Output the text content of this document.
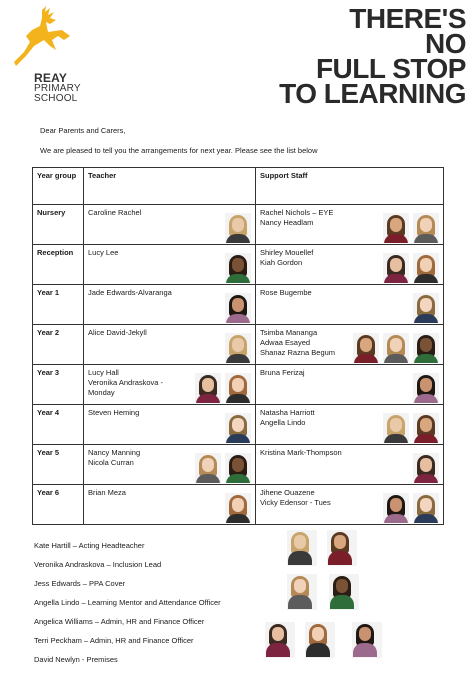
REAY
PRIMARY
SCHOOL
THERE'S
NO
FULL STOP
TO LEARNING
Dear Parents and Carers,
We are pleased to tell you the arrangements for next year. Please see the list below
Year group	Teacher	Support Staff
Nursery	Caroline Rachel	Rachel Nichols – EYE
Nancy Headlam

Reception	Lucy Lee	Shirley Mouellef
Kiah Gordon

Year 1	Jade Edwards-Alvaranga	Rose Bugembe

Year 2	Alice David-Jekyll	Tsimba Mananga
Adwaa Esayed
Shanaz Razna Begum

Year 3	Lucy Hall
Veronika Andraskova -
Monday	Bruna Ferizaj

Year 4	Steven Heming	Natasha Harriott
Angella Lindo

Year 5	Nancy Manning
Nicola Curran	Kristina Mark-Thompson

Year 6	Brian Meza	Jihene Ouazene
Vicky Edensor - Tues
Kate Hartill – Acting Headteacher
Veronika Andraskova – Inclusion Lead
Jess Edwards – PPA Cover
Angella Lindo – Learning Mentor and Attendance Officer
Angelica Williams – Admin, HR and Finance Officer
Terri Peckham – Admin, HR and Finance Officer
David Newlyn - Premises
